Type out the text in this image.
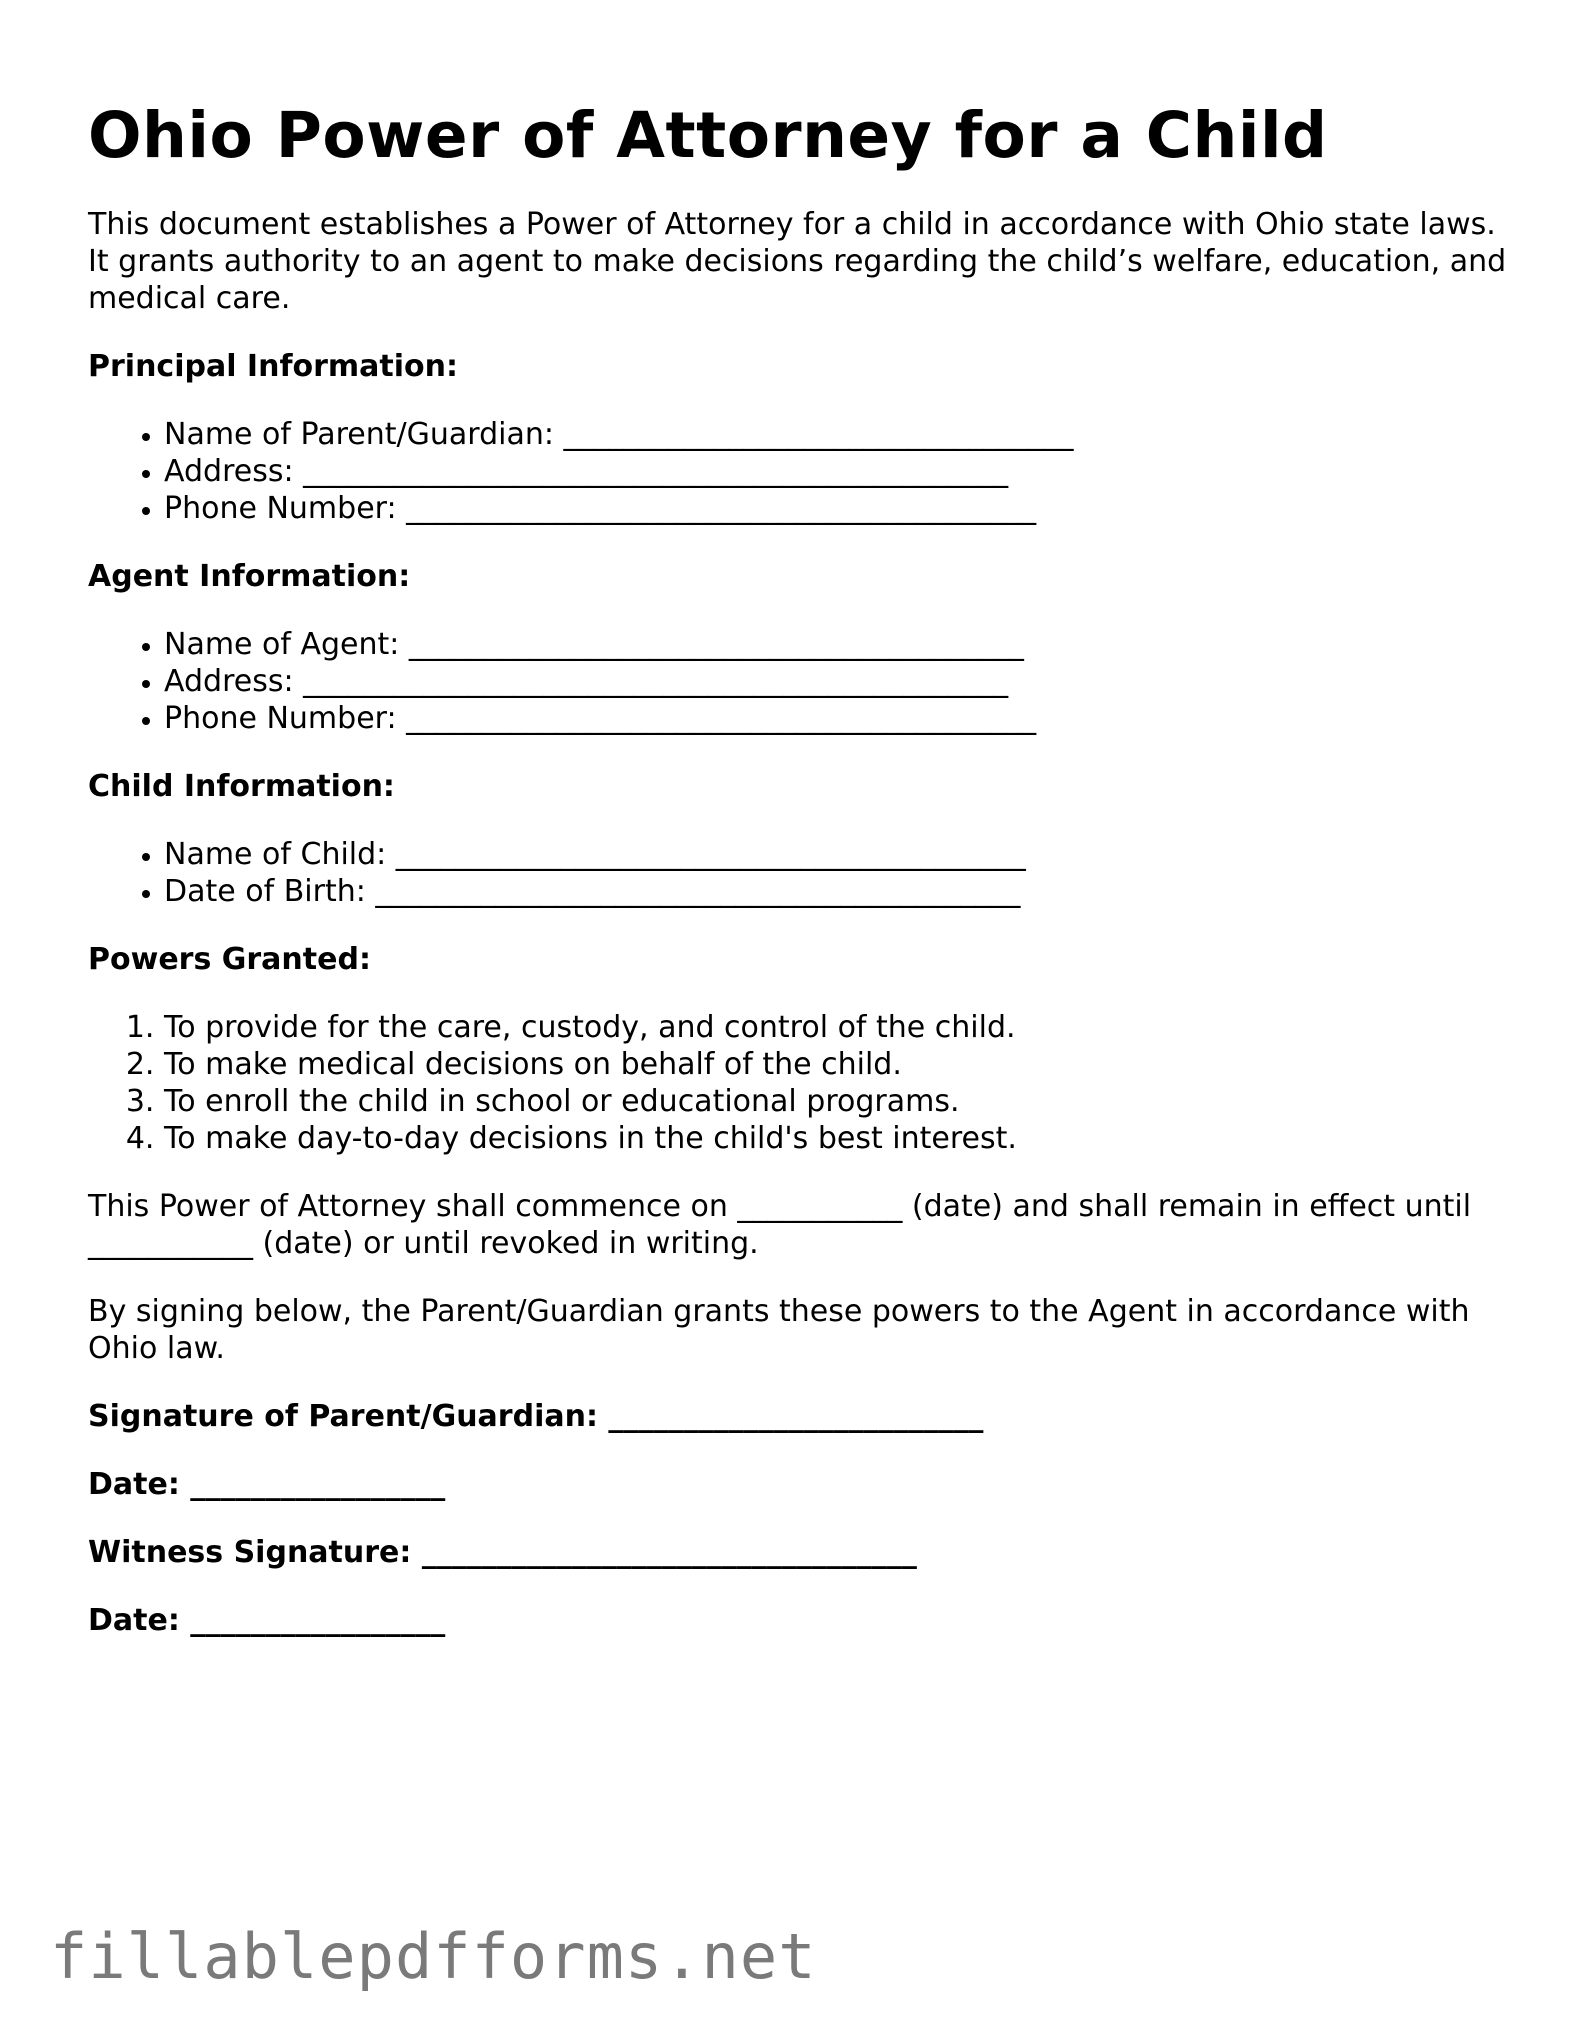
Ohio Power of Attorney for a Child

This document establishes a Power of Attorney for a child in accordance with Ohio state laws. It grants authority to an agent to make decisions regarding the child’s welfare, education, and medical care.

Principal Information:
• Name of Parent/Guardian: __________________________________
• Address: _______________________________________________
• Phone Number: __________________________________________
Agent Information:
• Name of Agent: _________________________________________
• Address: _______________________________________________
• Phone Number: __________________________________________
Child Information:
• Name of Child: __________________________________________
• Date of Birth: ___________________________________________
Powers Granted:
1. To provide for the care, custody, and control of the child.
2. To make medical decisions on behalf of the child.
3. To enroll the child in school or educational programs.
4. To make day-to-day decisions in the child's best interest.

This Power of Attorney shall commence on ___________ (date) and shall remain in effect until ___________ (date) or until revoked in writing.

By signing below, the Parent/Guardian grants these powers to the Agent in accordance with Ohio law.

Signature of Parent/Guardian: _________________________
Date: _________________
Witness Signature: _________________________________
Date: _________________
fillablepdfforms.net
